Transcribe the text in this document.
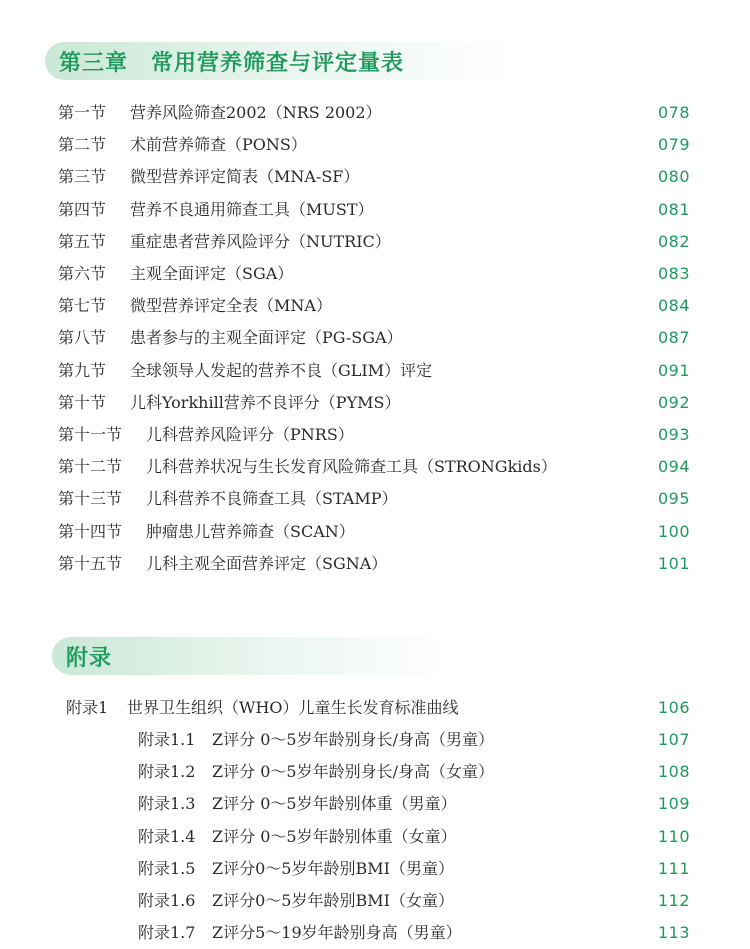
第三章　常用营养筛查与评定量表
第一节 营养风险筛查2002（NRS 2002）	078
第二节 术前营养筛查（PONS）	079
第三节 微型营养评定简表（MNA-SF）	080
第四节 营养不良通用筛查工具（MUST）	081
第五节 重症患者营养风险评分（NUTRIC）	082
第六节 主观全面评定（SGA）	083
第七节 微型营养评定全表（MNA）	084
第八节 患者参与的主观全面评定（PG-SGA）	087
第九节 全球领导人发起的营养不良（GLIM）评定	091
第十节 儿科Yorkhill营养不良评分（PYMS）	092
第十一节 儿科营养风险评分（PNRS）	093
第十二节 儿科营养状况与生长发育风险筛查工具（STRONGkids）	094
第十三节 儿科营养不良筛查工具（STAMP）	095
第十四节 肿瘤患儿营养筛查（SCAN）	100
第十五节 儿科主观全面营养评定（SGNA）	101
附录
附录1 世界卫生组织（WHO）儿童生长发育标准曲线	106
附录1.1 Z评分 0～5岁年龄别身长/身高（男童）	107
附录1.2 Z评分 0～5岁年龄别身长/身高（女童）	108
附录1.3 Z评分 0～5岁年龄别体重（男童）	109
附录1.4 Z评分 0～5岁年龄别体重（女童）	110
附录1.5 Z评分0～5岁年龄别BMI（男童）	111
附录1.6 Z评分0～5岁年龄别BMI（女童）	112
附录1.7 Z评分5～19岁年龄别身高（男童）	113
